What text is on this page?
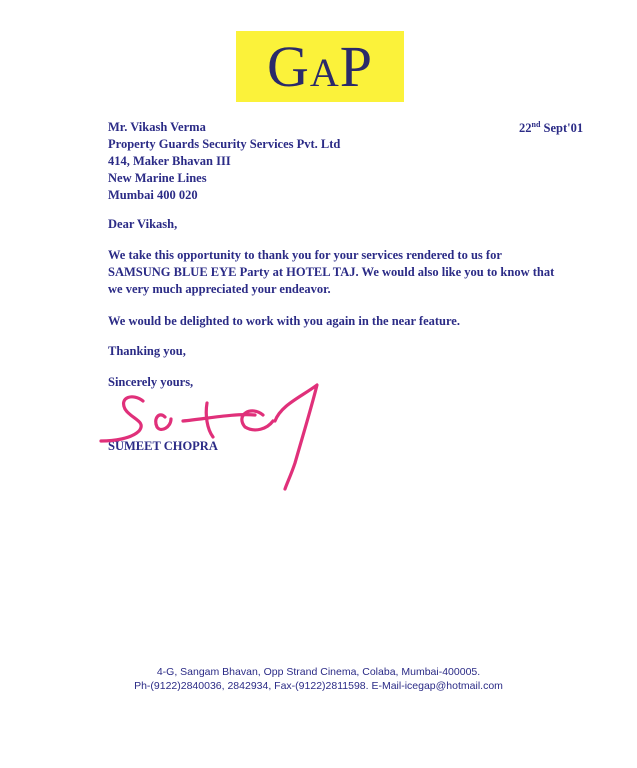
G A P
Mr. Vikash Verma
Property Guards Security Services Pvt. Ltd
414, Maker Bhavan III
New Marine Lines
Mumbai 400 020
22nd Sept'01
Dear Vikash,
We take this opportunity to thank you for your services rendered to us for
SAMSUNG BLUE EYE Party at HOTEL TAJ. We would also like you to know that
we very much appreciated your endeavor.
We would be delighted to work with you again in the near feature.
Thanking you,
Sincerely yours,
SUMEET CHOPRA
4-G, Sangam Bhavan, Opp Strand Cinema, Colaba, Mumbai-400005.
Ph-(9122)2840036, 2842934, Fax-(9122)2811598. E-Mail-icegap@hotmail.com
